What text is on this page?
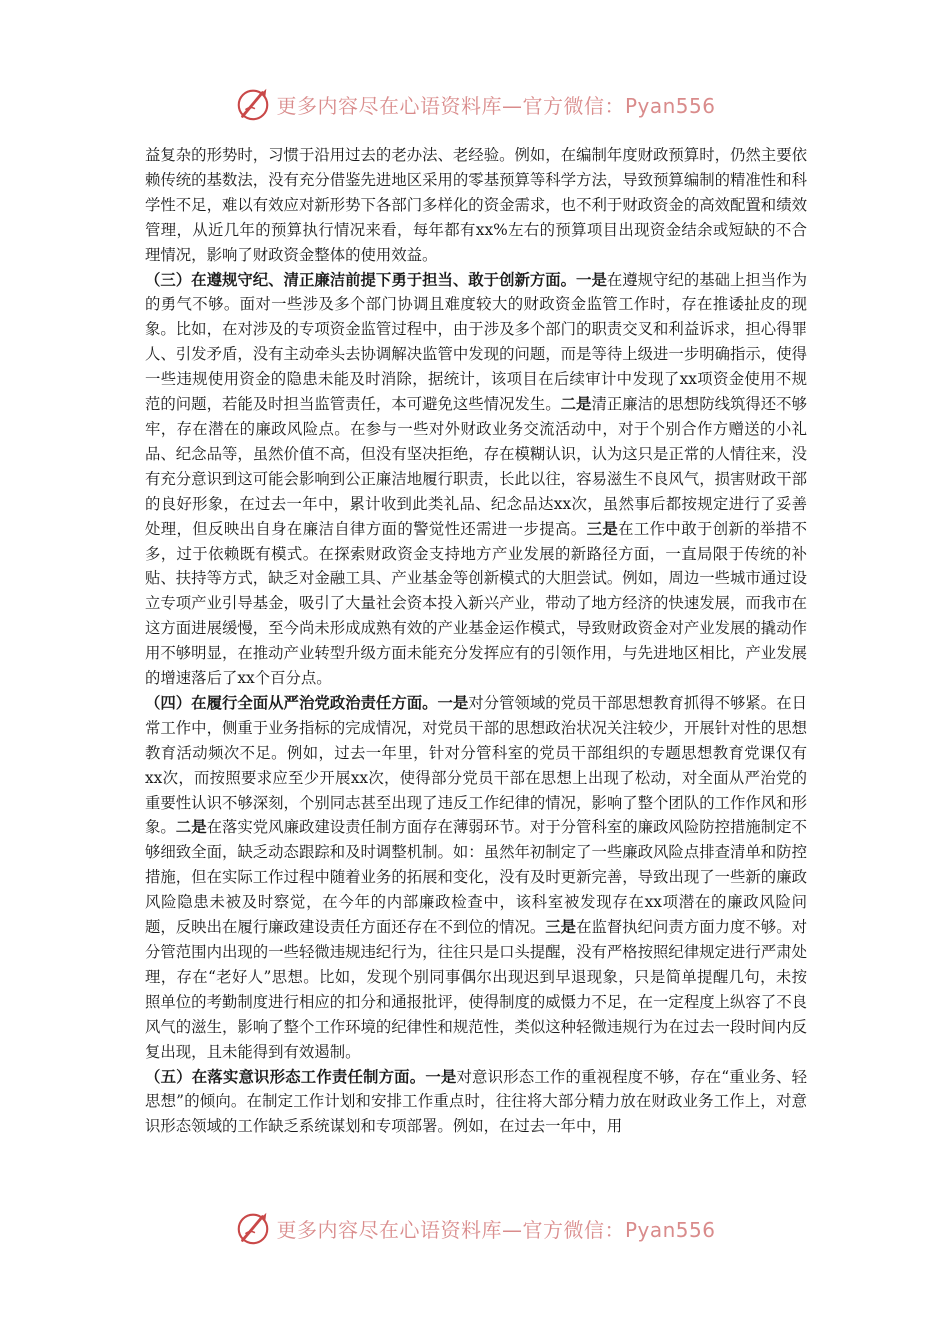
更多内容尽在心语资料库—官方微信：Pyan556

益复杂的形势时，习惯于沿用过去的老办法、老经验。例如，在编制年度财政预算时，仍然主要依赖传统的基数法，没有充分借鉴先进地区采用的零基预算等科学方法，导致预算编制的精准性和科学性不足，难以有效应对新形势下各部门多样化的资金需求，也不利于财政资金的高效配置和绩效管理，从近几年的预算执行情况来看，每年都有xx%左右的预算项目出现资金结余或短缺的不合理情况，影响了财政资金整体的使用效益。

（三）在遵规守纪、清正廉洁前提下勇于担当、敢于创新方面。一是在遵规守纪的基础上担当作为的勇气不够。面对一些涉及多个部门协调且难度较大的财政资金监管工作时，存在推诿扯皮的现象。比如，在对涉及的专项资金监管过程中，由于涉及多个部门的职责交叉和利益诉求，担心得罪人、引发矛盾，没有主动牵头去协调解决监管中发现的问题，而是等待上级进一步明确指示，使得一些违规使用资金的隐患未能及时消除，据统计，该项目在后续审计中发现了xx项资金使用不规范的问题，若能及时担当监管责任，本可避免这些情况发生。二是清正廉洁的思想防线筑得还不够牢，存在潜在的廉政风险点。在参与一些对外财政业务交流活动中，对于个别合作方赠送的小礼品、纪念品等，虽然价值不高，但没有坚决拒绝，存在模糊认识，认为这只是正常的人情往来，没有充分意识到这可能会影响到公正廉洁地履行职责，长此以往，容易滋生不良风气，损害财政干部的良好形象，在过去一年中，累计收到此类礼品、纪念品达xx次，虽然事后都按规定进行了妥善处理，但反映出自身在廉洁自律方面的警觉性还需进一步提高。三是在工作中敢于创新的举措不多，过于依赖既有模式。在探索财政资金支持地方产业发展的新路径方面，一直局限于传统的补贴、扶持等方式，缺乏对金融工具、产业基金等创新模式的大胆尝试。例如，周边一些城市通过设立专项产业引导基金，吸引了大量社会资本投入新兴产业，带动了地方经济的快速发展，而我市在这方面进展缓慢，至今尚未形成成熟有效的产业基金运作模式，导致财政资金对产业发展的撬动作用不够明显，在推动产业转型升级方面未能充分发挥应有的引领作用，与先进地区相比，产业发展的增速落后了xx个百分点。

（四）在履行全面从严治党政治责任方面。一是对分管领域的党员干部思想教育抓得不够紧。在日常工作中，侧重于业务指标的完成情况，对党员干部的思想政治状况关注较少，开展针对性的思想教育活动频次不足。例如，过去一年里，针对分管科室的党员干部组织的专题思想教育党课仅有xx次，而按照要求应至少开展xx次，使得部分党员干部在思想上出现了松动，对全面从严治党的重要性认识不够深刻，个别同志甚至出现了违反工作纪律的情况，影响了整个团队的工作作风和形象。二是在落实党风廉政建设责任制方面存在薄弱环节。对于分管科室的廉政风险防控措施制定不够细致全面，缺乏动态跟踪和及时调整机制。如：虽然年初制定了一些廉政风险点排查清单和防控措施，但在实际工作过程中随着业务的拓展和变化，没有及时更新完善，导致出现了一些新的廉政风险隐患未被及时察觉，在今年的内部廉政检查中，该科室被发现存在xx项潜在的廉政风险问题，反映出在履行廉政建设责任方面还存在不到位的情况。三是在监督执纪问责方面力度不够。对分管范围内出现的一些轻微违规违纪行为，往往只是口头提醒，没有严格按照纪律规定进行严肃处理，存在“老好人”思想。比如，发现个别同事偶尔出现迟到早退现象，只是简单提醒几句，未按照单位的考勤制度进行相应的扣分和通报批评，使得制度的威慑力不足，在一定程度上纵容了不良风气的滋生，影响了整个工作环境的纪律性和规范性，类似这种轻微违规行为在过去一段时间内反复出现，且未能得到有效遏制。

（五）在落实意识形态工作责任制方面。一是对意识形态工作的重视程度不够，存在“重业务、轻思想”的倾向。在制定工作计划和安排工作重点时，往往将大部分精力放在财政业务工作上，对意识形态领域的工作缺乏系统谋划和专项部署。例如，在过去一年中，用

更多内容尽在心语资料库—官方微信：Pyan556
